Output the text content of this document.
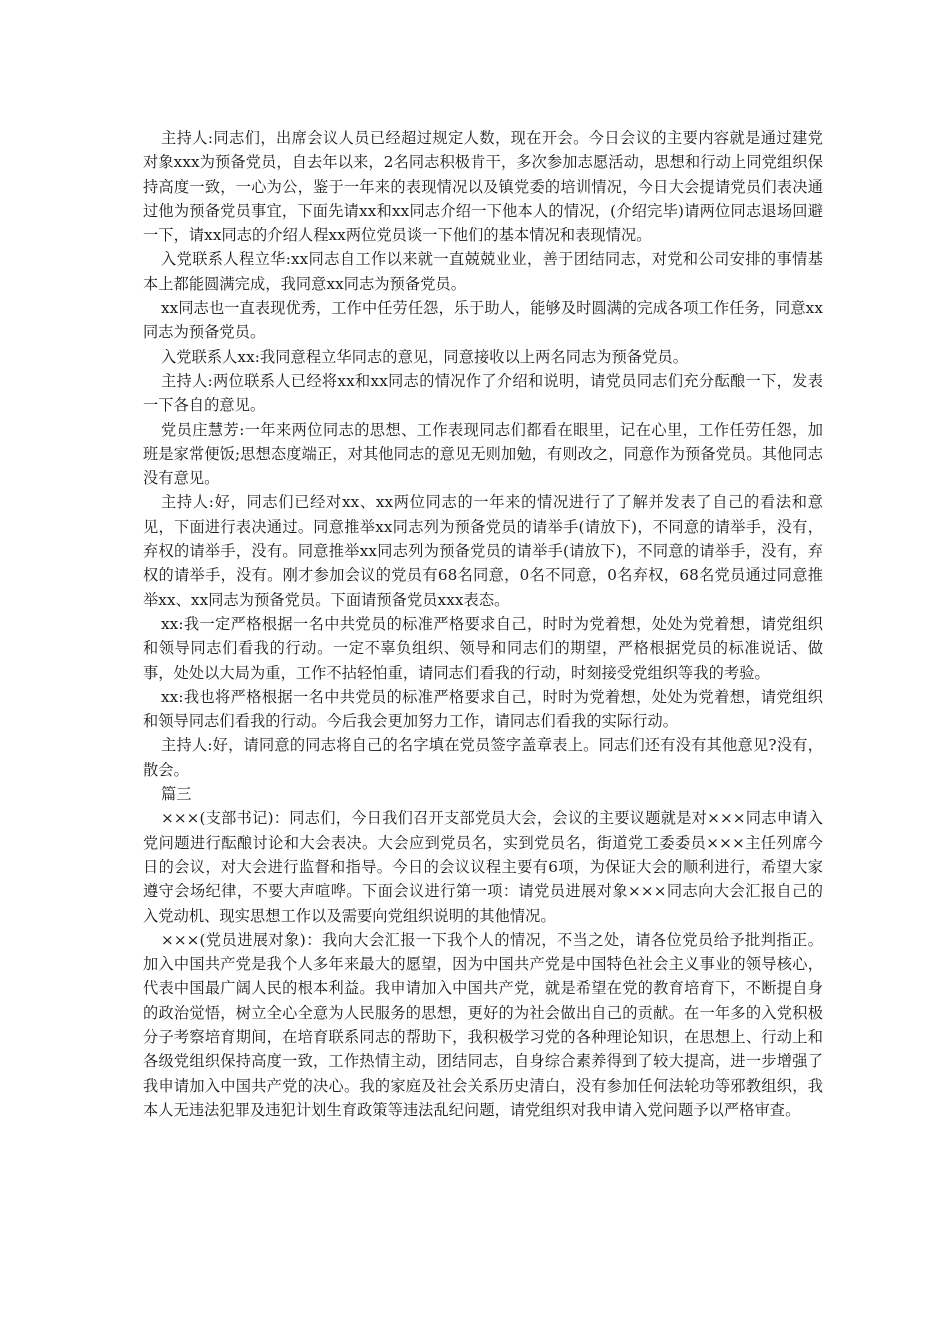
主持人:同志们，出席会议人员已经超过规定人数，现在开会。今日会议的主要内容就是通过建党对象xxx为预备党员，自去年以来，2名同志积极肯干，多次参加志愿活动，思想和行动上同党组织保持高度一致，一心为公，鉴于一年来的表现情况以及镇党委的培训情况，今日大会提请党员们表决通过他为预备党员事宜，下面先请xx和xx同志介绍一下他本人的情况，(介绍完毕)请两位同志退场回避一下，请xx同志的介绍人程xx两位党员谈一下他们的基本情况和表现情况。

入党联系人程立华:xx同志自工作以来就一直兢兢业业，善于团结同志，对党和公司安排的事情基本上都能圆满完成，我同意xx同志为预备党员。

xx同志也一直表现优秀，工作中任劳任怨，乐于助人，能够及时圆满的完成各项工作任务，同意xx同志为预备党员。

入党联系人xx:我同意程立华同志的意见，同意接收以上两名同志为预备党员。

主持人:两位联系人已经将xx和xx同志的情况作了介绍和说明，请党员同志们充分酝酿一下，发表一下各自的意见。

党员庄慧芳:一年来两位同志的思想、工作表现同志们都看在眼里，记在心里，工作任劳任怨，加班是家常便饭;思想态度端正，对其他同志的意见无则加勉，有则改之，同意作为预备党员。其他同志没有意见。

主持人:好，同志们已经对xx、xx两位同志的一年来的情况进行了了解并发表了自己的看法和意见，下面进行表决通过。同意推举xx同志列为预备党员的请举手(请放下)，不同意的请举手，没有，弃权的请举手，没有。同意推举xx同志列为预备党员的请举手(请放下)，不同意的请举手，没有，弃权的请举手，没有。刚才参加会议的党员有68名同意，0名不同意，0名弃权，68名党员通过同意推举xx、xx同志为预备党员。下面请预备党员xxx表态。

xx:我一定严格根据一名中共党员的标准严格要求自己，时时为党着想，处处为党着想，请党组织和领导同志们看我的行动。一定不辜负组织、领导和同志们的期望，严格根据党员的标准说话、做事，处处以大局为重，工作不拈轻怕重，请同志们看我的行动，时刻接受党组织等我的考验。

xx:我也将严格根据一名中共党员的标准严格要求自己，时时为党着想，处处为党着想，请党组织和领导同志们看我的行动。今后我会更加努力工作，请同志们看我的实际行动。

主持人:好，请同意的同志将自己的名字填在党员签字盖章表上。同志们还有没有其他意见?没有，散会。

篇三

×××(支部书记)：同志们，今日我们召开支部党员大会，会议的主要议题就是对×××同志申请入党问题进行酝酿讨论和大会表决。大会应到党员名，实到党员名，街道党工委委员×××主任列席今日的会议，对大会进行监督和指导。今日的会议议程主要有6项，为保证大会的顺利进行，希望大家遵守会场纪律，不要大声喧哗。下面会议进行第一项：请党员进展对象×××同志向大会汇报自己的入党动机、现实思想工作以及需要向党组织说明的其他情况。

×××(党员进展对象)：我向大会汇报一下我个人的情况，不当之处，请各位党员给予批判指正。加入中国共产党是我个人多年来最大的愿望，因为中国共产党是中国特色社会主义事业的领导核心，代表中国最广阔人民的根本利益。我申请加入中国共产党，就是希望在党的教育培育下，不断提自身的政治觉悟，树立全心全意为人民服务的思想，更好的为社会做出自己的贡献。在一年多的入党积极分子考察培育期间，在培育联系同志的帮助下，我积极学习党的各种理论知识，在思想上、行动上和各级党组织保持高度一致，工作热情主动，团结同志，自身综合素养得到了较大提高，进一步增强了我申请加入中国共产党的决心。我的家庭及社会关系历史清白，没有参加任何法轮功等邪教组织，我本人无违法犯罪及违犯计划生育政策等违法乱纪问题，请党组织对我申请入党问题予以严格审查。
